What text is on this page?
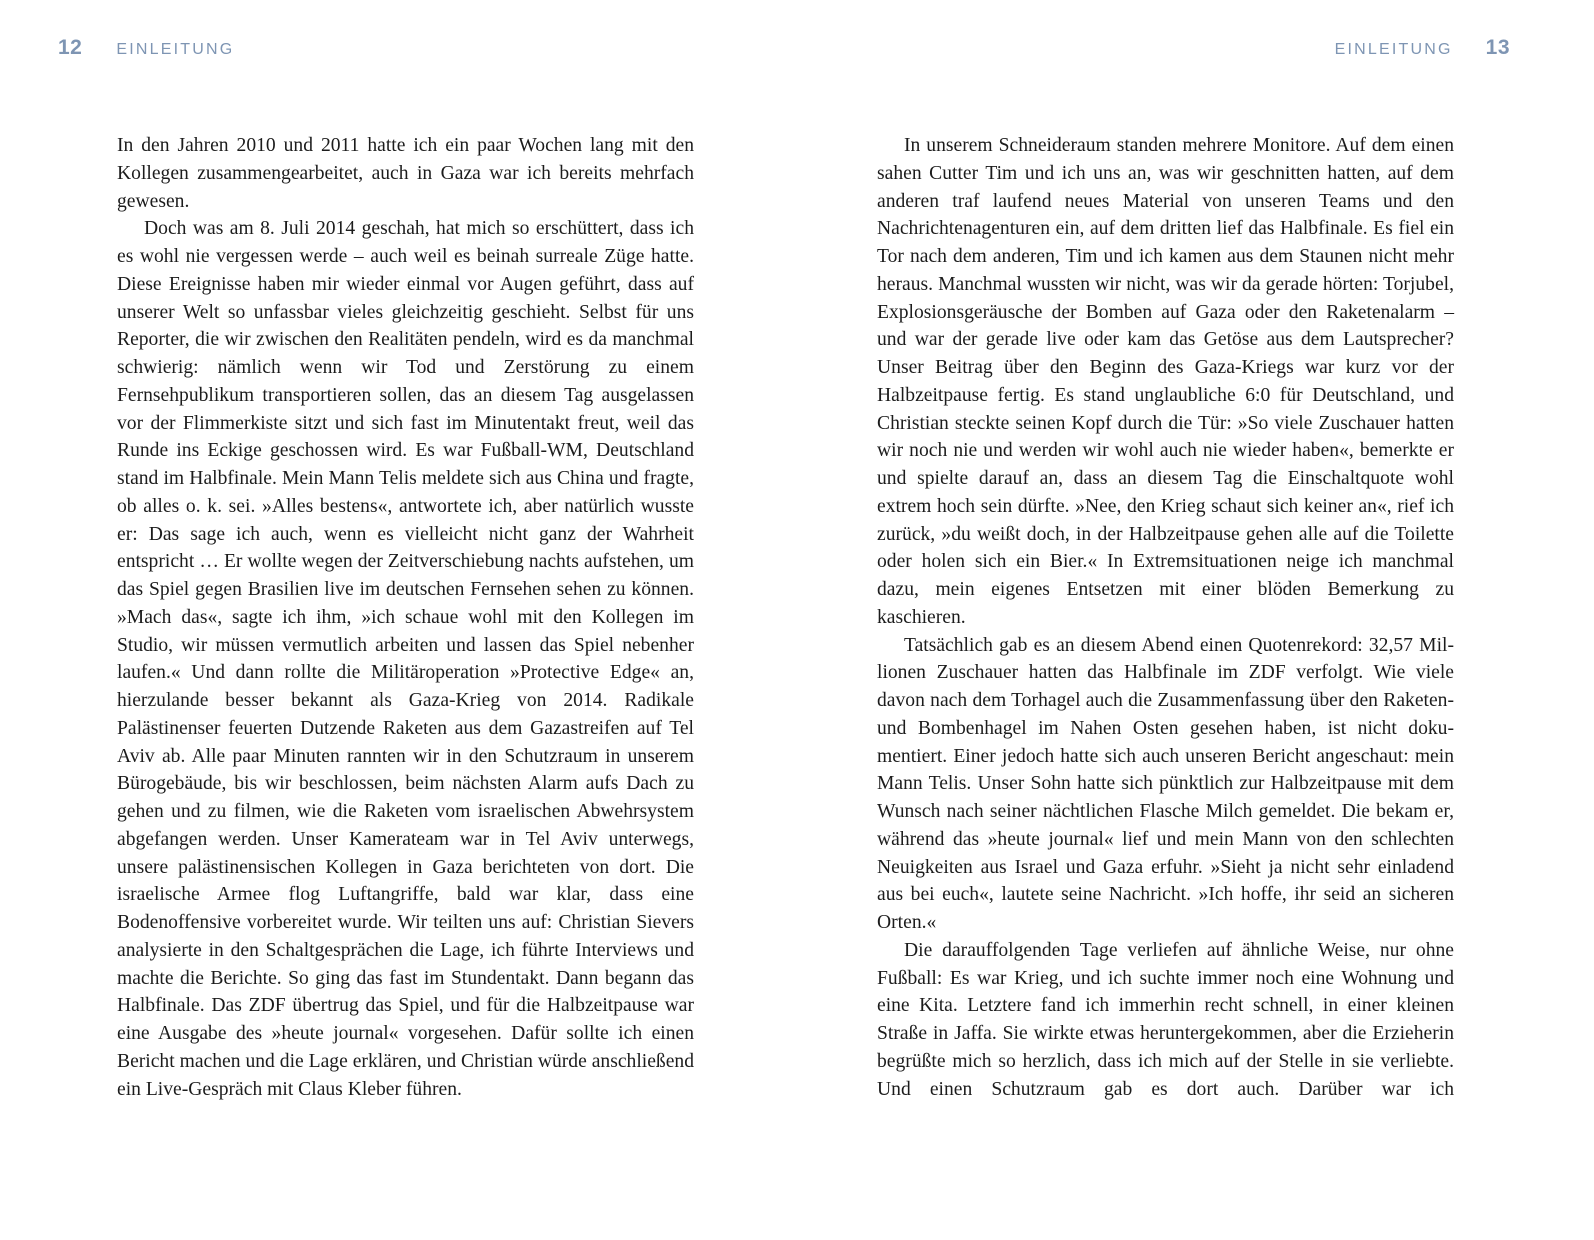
12 EINLEITUNG

In den Jahren 2010 und 2011 hatte ich ein paar Wochen lang mit den Kollegen zusammengearbeitet, auch in Gaza war ich bereits mehrfach gewesen.

Doch was am 8. Juli 2014 geschah, hat mich so erschüttert, dass ich es wohl nie vergessen werde – auch weil es beinah surreale Züge hatte. Diese Ereignisse haben mir wieder einmal vor Augen geführt, dass auf unserer Welt so unfassbar vieles gleichzeitig geschieht. Selbst für uns Reporter, die wir zwischen den Realitäten pendeln, wird es da manchmal schwierig: nämlich wenn wir Tod und Zerstörung zu einem Fernsehpublikum transportieren sollen, das an diesem Tag ausgelassen vor der Flimmerkiste sitzt und sich fast im Minutentakt freut, weil das Runde ins Eckige geschossen wird. Es war Fußball-WM, Deutschland stand im Halbfinale. Mein Mann Telis meldete sich aus China und fragte, ob alles o. k. sei. »Alles bestens«, antwortete ich, aber natürlich wusste er: Das sage ich auch, wenn es vielleicht nicht ganz der Wahrheit entspricht … Er wollte wegen der Zeitverschiebung nachts aufstehen, um das Spiel gegen Brasilien live im deutschen Fernsehen sehen zu können. »Mach das«, sagte ich ihm, »ich schaue wohl mit den Kollegen im Studio, wir müssen vermutlich arbeiten und lassen das Spiel nebenher laufen.« Und dann rollte die Militäroperation »Protective Edge« an, hierzulande besser bekannt als Gaza-Krieg von 2014. Radikale Palästinenser feuerten Dutzende Raketen aus dem Gazastreifen auf Tel Aviv ab. Alle paar Minuten rannten wir in den Schutzraum in unserem Bürogebäude, bis wir beschlossen, beim nächsten Alarm aufs Dach zu gehen und zu filmen, wie die Raketen vom israelischen Abwehrsystem abgefangen werden. Unser Kamerateam war in Tel Aviv unterwegs, unsere palästinensischen Kollegen in Gaza berichteten von dort. Die israelische Armee flog Luftangriffe, bald war klar, dass eine Bodenoffensive vorbereitet wurde. Wir teilten uns auf: Christian Sievers analysierte in den Schaltgesprächen die Lage, ich führte Interviews und machte die Berichte. So ging das fast im Stundentakt. Dann begann das Halbfinale. Das ZDF übertrug das Spiel, und für die Halbzeitpause war eine Ausgabe des »heute journal« vorgesehen. Dafür sollte ich einen Bericht machen und die Lage erklären, und Christian würde anschließend ein Live-Gespräch mit Claus Kleber führen.

EINLEITUNG 13

In unserem Schneideraum standen mehrere Monitore. Auf dem einen sahen Cutter Tim und ich uns an, was wir geschnitten hatten, auf dem anderen traf laufend neues Material von unseren Teams und den Nachrichtenagenturen ein, auf dem dritten lief das Halbfinale. Es fiel ein Tor nach dem anderen, Tim und ich kamen aus dem Staunen nicht mehr heraus. Manchmal wussten wir nicht, was wir da gerade hörten: Torjubel, Explosionsgeräusche der Bomben auf Gaza oder den Raketenalarm – und war der gerade live oder kam das Getöse aus dem Lautsprecher? Unser Beitrag über den Beginn des Gaza-Kriegs war kurz vor der Halbzeitpause fertig. Es stand unglaubliche 6:0 für Deutschland, und Christian steckte seinen Kopf durch die Tür: »So viele Zuschauer hatten wir noch nie und werden wir wohl auch nie wieder haben«, bemerkte er und spielte darauf an, dass an diesem Tag die Einschaltquote wohl extrem hoch sein dürfte. »Nee, den Krieg schaut sich keiner an«, rief ich zurück, »du weißt doch, in der Halbzeitpause gehen alle auf die Toilette oder holen sich ein Bier.« In Extremsituationen neige ich manchmal dazu, mein eigenes Entsetzen mit einer blöden Bemerkung zu kaschieren.

Tatsächlich gab es an diesem Abend einen Quotenrekord: 32,57 Millionen Zuschauer hatten das Halbfinale im ZDF verfolgt. Wie viele davon nach dem Torhagel auch die Zusammenfassung über den Raketen- und Bombenhagel im Nahen Osten gesehen haben, ist nicht dokumentiert. Einer jedoch hatte sich auch unseren Bericht angeschaut: mein Mann Telis. Unser Sohn hatte sich pünktlich zur Halbzeitpause mit dem Wunsch nach seiner nächtlichen Flasche Milch gemeldet. Die bekam er, während das »heute journal« lief und mein Mann von den schlechten Neuigkeiten aus Israel und Gaza erfuhr. »Sieht ja nicht sehr einladend aus bei euch«, lautete seine Nachricht. »Ich hoffe, ihr seid an sicheren Orten.«

Die darauffolgenden Tage verliefen auf ähnliche Weise, nur ohne Fußball: Es war Krieg, und ich suchte immer noch eine Wohnung und eine Kita. Letztere fand ich immerhin recht schnell, in einer kleinen Straße in Jaffa. Sie wirkte etwas heruntergekommen, aber die Erzieherin begrüßte mich so herzlich, dass ich mich auf der Stelle in sie verliebte. Und einen Schutzraum gab es dort auch. Darüber war ich
